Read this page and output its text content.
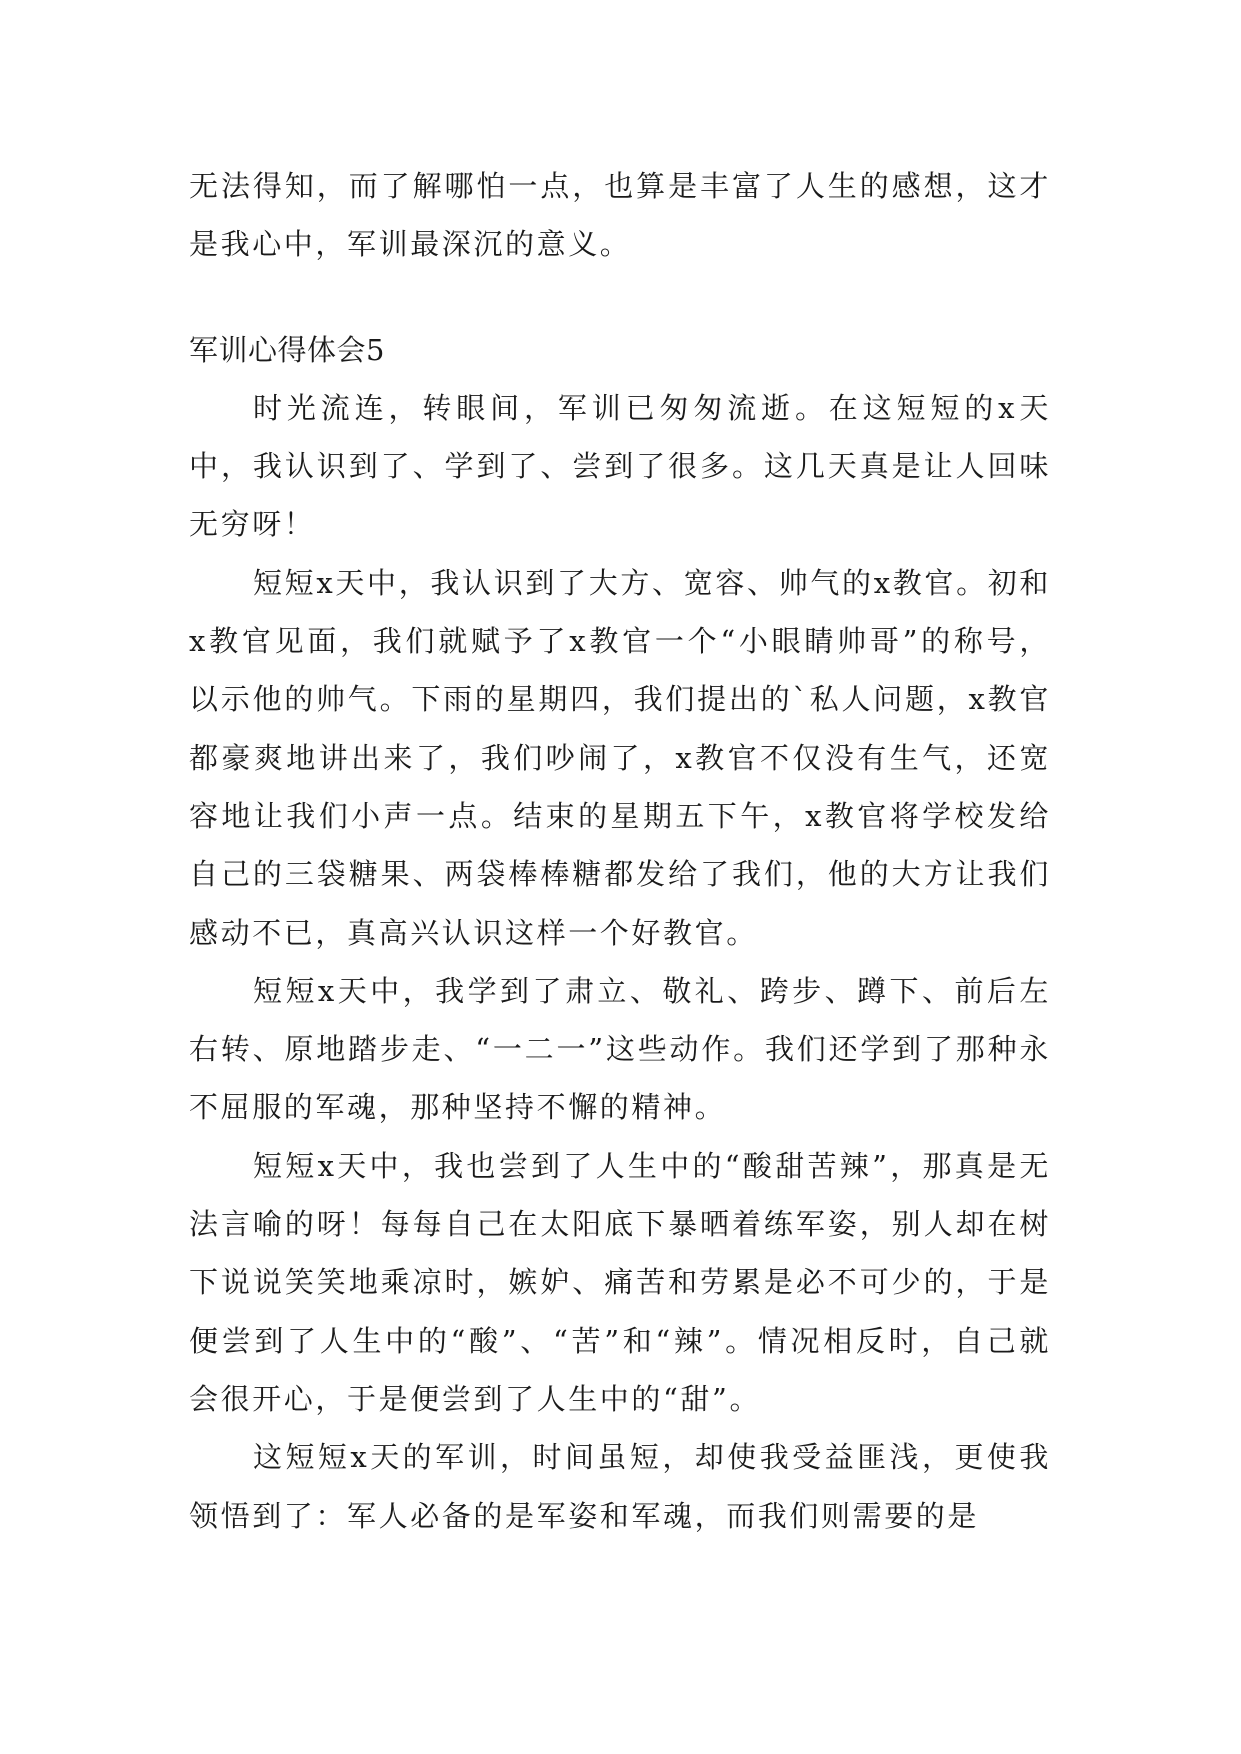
无法得知，而了解哪怕一点，也算是丰富了人生的感想，这才是我心中，军训最深沉的意义。

军训心得体会5

时光流连，转眼间，军训已匆匆流逝。在这短短的x天中，我认识到了、学到了、尝到了很多。这几天真是让人回味无穷呀！

短短x天中，我认识到了大方、宽容、帅气的x教官。初和x教官见面，我们就赋予了x教官一个“小眼睛帅哥”的称号，以示他的帅气。下雨的星期四，我们提出的`私人问题，x教官都豪爽地讲出来了，我们吵闹了，x教官不仅没有生气，还宽容地让我们小声一点。结束的星期五下午，x教官将学校发给自己的三袋糖果、两袋棒棒糖都发给了我们，他的大方让我们感动不已，真高兴认识这样一个好教官。

短短x天中，我学到了肃立、敬礼、跨步、蹲下、前后左右转、原地踏步走、“一二一”这些动作。我们还学到了那种永不屈服的军魂，那种坚持不懈的精神。

短短x天中，我也尝到了人生中的“酸甜苦辣”，那真是无法言喻的呀！每每自己在太阳底下暴晒着练军姿，别人却在树下说说笑笑地乘凉时，嫉妒、痛苦和劳累是必不可少的，于是便尝到了人生中的“酸”、“苦”和“辣”。情况相反时，自己就会很开心，于是便尝到了人生中的“甜”。

这短短x天的军训，时间虽短，却使我受益匪浅，更使我领悟到了：军人必备的是军姿和军魂，而我们则需要的是
